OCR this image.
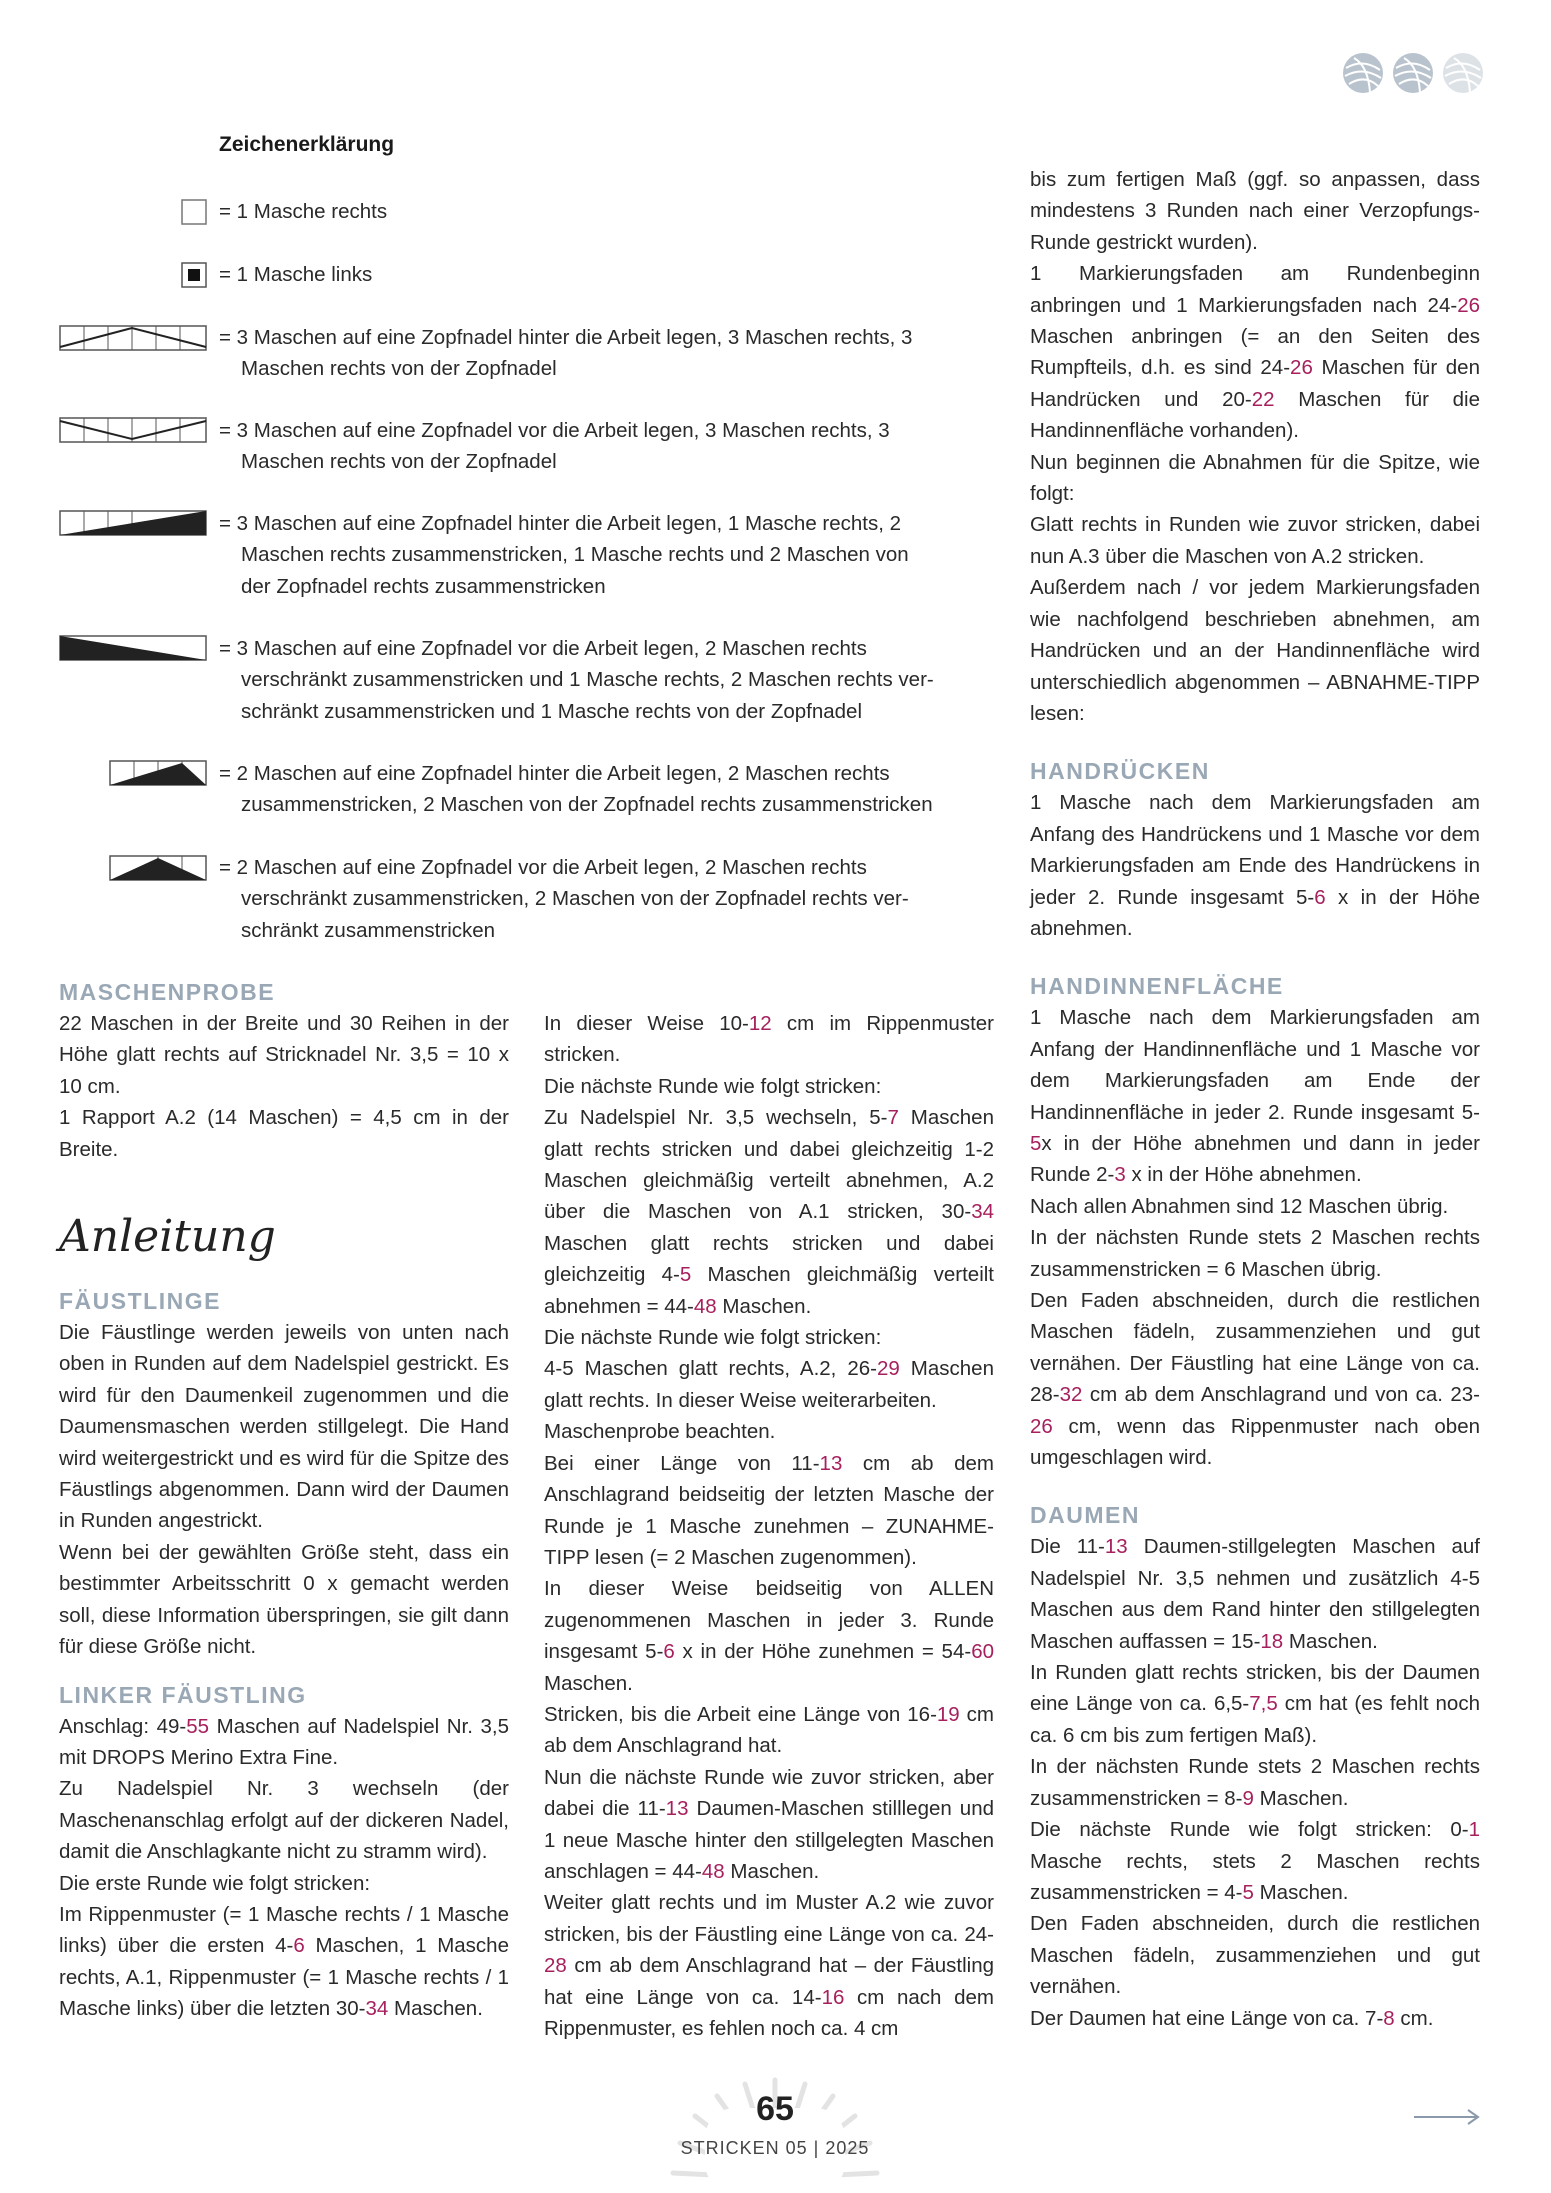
Zeichenerklärung
= 1 Masche rechts
= 1 Masche links
= 3 Maschen auf eine Zopfnadel hinter die Arbeit legen, 3 Maschen rechts, 3
Maschen rechts von der Zopfnadel
= 3 Maschen auf eine Zopfnadel vor die Arbeit legen, 3 Maschen rechts, 3
Maschen rechts von der Zopfnadel
= 3 Maschen auf eine Zopfnadel hinter die Arbeit legen, 1 Masche rechts, 2
Maschen rechts zusammenstricken, 1 Masche rechts und 2 Maschen von
der Zopfnadel rechts zusammenstricken
= 3 Maschen auf eine Zopfnadel vor die Arbeit legen, 2 Maschen rechts
verschränkt zusammenstricken und 1 Masche rechts, 2 Maschen rechts ver-
schränkt zusammenstricken und 1 Masche rechts von der Zopfnadel
= 2 Maschen auf eine Zopfnadel hinter die Arbeit legen, 2 Maschen rechts
zusammenstricken, 2 Maschen von der Zopfnadel rechts zusammenstricken
= 2 Maschen auf eine Zopfnadel vor die Arbeit legen, 2 Maschen rechts
verschränkt zusammenstricken, 2 Maschen von der Zopfnadel rechts ver-
schränkt zusammenstricken

MASCHENPROBE

22 Maschen in der Breite und 30 Reihen in der Höhe glatt rechts auf Stricknadel Nr. 3,5 = 10 x 10 cm.

1 Rapport A.2 (14 Maschen) = 4,5 cm in der Breite.

Anleitung

FÄUSTLINGE

Die Fäustlinge werden jeweils von unten nach oben in Runden auf dem Nadelspiel gestrickt. Es wird für den Daumenkeil zugenommen und die Daumensmaschen werden stillgelegt. Die Hand wird weitergestrickt und es wird für die Spitze des Fäustlings abgenommen. Dann wird der Daumen in Runden angestrickt.

Wenn bei der gewählten Größe steht, dass ein bestimmter Arbeitsschritt 0 x gemacht werden soll, diese Information überspringen, sie gilt dann für diese Größe nicht.

LINKER FÄUSTLING

Anschlag: 49-55 Maschen auf Nadelspiel Nr. 3,5 mit DROPS Merino Extra Fine.

Zu Nadelspiel Nr. 3 wechseln (der Maschenanschlag erfolgt auf der dickeren Nadel, damit die Anschlagkante nicht zu stramm wird).

Die erste Runde wie folgt stricken:

Im Rippenmuster (= 1 Masche rechts / 1 Masche links) über die ersten 4-6 Maschen, 1 Masche rechts, A.1, Rippenmuster (= 1 Masche rechts / 1 Masche links) über die letzten 30-34 Maschen.

In dieser Weise 10-12 cm im Rippenmuster stricken.

Die nächste Runde wie folgt stricken:

Zu Nadelspiel Nr. 3,5 wechseln, 5-7 Maschen glatt rechts stricken und dabei gleichzeitig 1-2 Maschen gleichmäßig verteilt abnehmen, A.2 über die Maschen von A.1 stricken, 30-34 Maschen glatt rechts stricken und dabei gleichzeitig 4-5 Maschen gleichmäßig verteilt abnehmen = 44-48 Maschen.

Die nächste Runde wie folgt stricken:

4-5 Maschen glatt rechts, A.2, 26-29 Maschen glatt rechts. In dieser Weise weiterarbeiten.

Maschenprobe beachten.

Bei einer Länge von 11-13 cm ab dem Anschlagrand beidseitig der letzten Masche der Runde je 1 Masche zunehmen – ZUNAHME-TIPP lesen (= 2 Maschen zugenommen).

In dieser Weise beidseitig von ALLEN zugenommenen Maschen in jeder 3. Runde insgesamt 5-6 x in der Höhe zunehmen = 54-60 Maschen.

Stricken, bis die Arbeit eine Länge von 16-19 cm ab dem Anschlagrand hat.

Nun die nächste Runde wie zuvor stricken, aber dabei die 11-13 Daumen-Maschen stilllegen und 1 neue Masche hinter den stillgelegten Maschen anschlagen = 44-48 Maschen.

Weiter glatt rechts und im Muster A.2 wie zuvor stricken, bis der Fäustling eine Länge von ca. 24-28 cm ab dem Anschlagrand hat – der Fäustling hat eine Länge von ca. 14-16 cm nach dem Rippenmuster, es fehlen noch ca. 4 cm

bis zum fertigen Maß (ggf. so anpassen, dass mindestens 3 Runden nach einer Verzopfungs-Runde gestrickt wurden).

1 Markierungsfaden am Rundenbeginn anbringen und 1 Markierungsfaden nach 24-26 Maschen anbringen (= an den Seiten des Rumpfteils, d.h. es sind 24-26 Maschen für den Handrücken und 20-22 Maschen für die Handinnenfläche vorhanden).

Nun beginnen die Abnahmen für die Spitze, wie folgt:

Glatt rechts in Runden wie zuvor stricken, dabei nun A.3 über die Maschen von A.2 stricken.

Außerdem nach / vor jedem Markierungsfaden wie nachfolgend beschrieben abnehmen, am Handrücken und an der Handinnenfläche wird unterschiedlich abgenommen – ABNAHME-TIPP lesen:

HANDRÜCKEN

1 Masche nach dem Markierungsfaden am Anfang des Handrückens und 1 Masche vor dem Markierungsfaden am Ende des Handrückens in jeder 2. Runde insgesamt 5-6 x in der Höhe abnehmen.

HANDINNENFLÄCHE

1 Masche nach dem Markierungsfaden am Anfang der Handinnenfläche und 1 Masche vor dem Markierungsfaden am Ende der Handinnenfläche in jeder 2. Runde insgesamt 5-5x in der Höhe abnehmen und dann in jeder Runde 2-3 x in der Höhe abnehmen.

Nach allen Abnahmen sind 12 Maschen übrig.

In der nächsten Runde stets 2 Maschen rechts zusammenstricken = 6 Maschen übrig.

Den Faden abschneiden, durch die restlichen Maschen fädeln, zusammenziehen und gut vernähen. Der Fäustling hat eine Länge von ca. 28-32 cm ab dem Anschlagrand und von ca. 23-26 cm, wenn das Rippenmuster nach oben umgeschlagen wird.

DAUMEN

Die 11-13 Daumen-stillgelegten Maschen auf Nadelspiel Nr. 3,5 nehmen und zusätzlich 4-5 Maschen aus dem Rand hinter den stillgelegten Maschen auffassen = 15-18 Maschen.

In Runden glatt rechts stricken, bis der Daumen eine Länge von ca. 6,5-7,5 cm hat (es fehlt noch ca. 6 cm bis zum fertigen Maß).

In der nächsten Runde stets 2 Maschen rechts zusammenstricken = 8-9 Maschen.

Die nächste Runde wie folgt stricken: 0-1 Masche rechts, stets 2 Maschen rechts zusammenstricken = 4-5 Maschen.

Den Faden abschneiden, durch die restlichen Maschen fädeln, zusammenziehen und gut vernähen.

Der Daumen hat eine Länge von ca. 7-8 cm.

65
STRICKEN 05 | 2025
